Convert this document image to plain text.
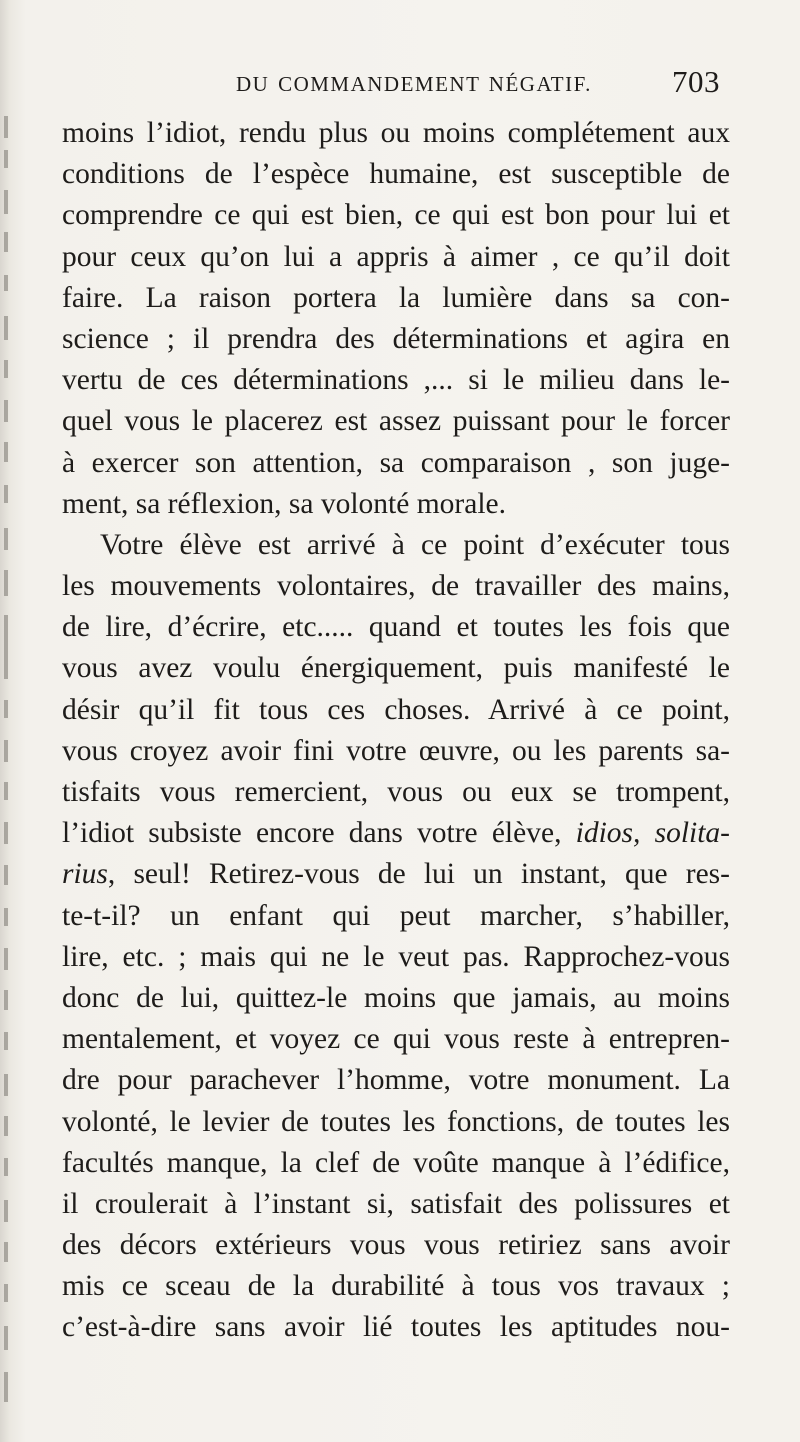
DU COMMANDEMENT NÉGATIF.	703
moins l’idiot, rendu plus ou moins complétement aux
conditions de l’espèce humaine, est susceptible de
comprendre ce qui est bien, ce qui est bon pour lui et
pour ceux qu’on lui a appris à aimer , ce qu’il doit
faire. La raison portera la lumière dans sa con-
science ; il prendra des déterminations et agira en
vertu de ces déterminations ,... si le milieu dans le-
quel vous le placerez est assez puissant pour le forcer
à exercer son attention, sa comparaison , son juge-
ment, sa réflexion, sa volonté morale.
Votre élève est arrivé à ce point d’exécuter tous
les mouvements volontaires, de travailler des mains,
de lire, d’écrire, etc..... quand et toutes les fois que
vous avez voulu énergiquement, puis manifesté le
désir qu’il fit tous ces choses. Arrivé à ce point,
vous croyez avoir fini votre œuvre, ou les parents sa-
tisfaits vous remercient, vous ou eux se trompent,
l’idiot subsiste encore dans votre élève, idios, solita-
rius, seul! Retirez-vous de lui un instant, que res-
te-t-il? un enfant qui peut marcher, s’habiller,
lire, etc. ; mais qui ne le veut pas. Rapprochez-vous
donc de lui, quittez-le moins que jamais, au moins
mentalement, et voyez ce qui vous reste à entrepren-
dre pour parachever l’homme, votre monument. La
volonté, le levier de toutes les fonctions, de toutes les
facultés manque, la clef de voûte manque à l’édifice,
il croulerait à l’instant si, satisfait des polissures et
des décors extérieurs vous vous retiriez sans avoir
mis ce sceau de la durabilité à tous vos travaux ;
c’est-à-dire sans avoir lié toutes les aptitudes nou-
